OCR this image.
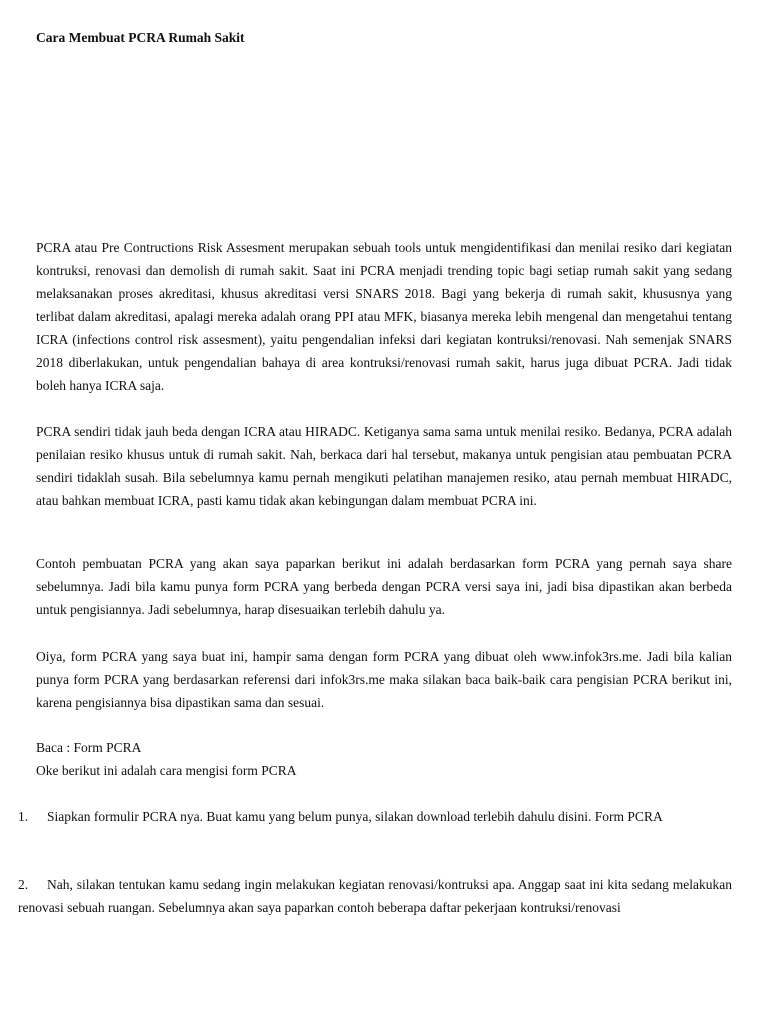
Cara Membuat PCRA Rumah Sakit

PCRA atau Pre Contructions Risk Assesment merupakan sebuah tools untuk mengidentifikasi dan menilai resiko dari kegiatan kontruksi, renovasi dan demolish di rumah sakit. Saat ini PCRA menjadi trending topic bagi setiap rumah sakit yang sedang melaksanakan proses akreditasi, khusus akreditasi versi SNARS 2018. Bagi yang bekerja di rumah sakit, khususnya yang terlibat dalam akreditasi, apalagi mereka adalah orang PPI atau MFK, biasanya mereka lebih mengenal dan mengetahui tentang ICRA (infections control risk assesment), yaitu pengendalian infeksi dari kegiatan kontruksi/renovasi. Nah semenjak SNARS 2018 diberlakukan, untuk pengendalian bahaya di area kontruksi/renovasi rumah sakit, harus juga dibuat PCRA. Jadi tidak boleh hanya ICRA saja.

PCRA sendiri tidak jauh beda dengan ICRA atau HIRADC. Ketiganya sama sama untuk menilai resiko. Bedanya, PCRA adalah penilaian resiko khusus untuk di rumah sakit. Nah, berkaca dari hal tersebut, makanya untuk pengisian atau pembuatan PCRA sendiri tidaklah susah. Bila sebelumnya kamu pernah mengikuti pelatihan manajemen resiko, atau pernah membuat HIRADC, atau bahkan membuat ICRA, pasti kamu tidak akan kebingungan dalam membuat PCRA ini.

Contoh pembuatan PCRA yang akan saya paparkan berikut ini adalah berdasarkan form PCRA yang pernah saya share sebelumnya. Jadi bila kamu punya form PCRA yang berbeda dengan PCRA versi saya ini, jadi bisa dipastikan akan berbeda untuk pengisiannya. Jadi sebelumnya, harap disesuaikan terlebih dahulu ya.

Oiya, form PCRA yang saya buat ini, hampir sama dengan form PCRA yang dibuat oleh www.infok3rs.me. Jadi bila kalian punya form PCRA yang berdasarkan referensi dari infok3rs.me maka silakan baca baik-baik cara pengisian PCRA berikut ini, karena pengisiannya bisa dipastikan sama dan sesuai.

Baca : Form PCRA

Oke berikut ini adalah cara mengisi form PCRA

1. Siapkan formulir PCRA nya. Buat kamu yang belum punya, silakan download terlebih dahulu disini. Form PCRA

2. Nah, silakan tentukan kamu sedang ingin melakukan kegiatan renovasi/kontruksi apa. Anggap saat ini kita sedang melakukan renovasi sebuah ruangan. Sebelumnya akan saya paparkan contoh beberapa daftar pekerjaan kontruksi/renovasi
